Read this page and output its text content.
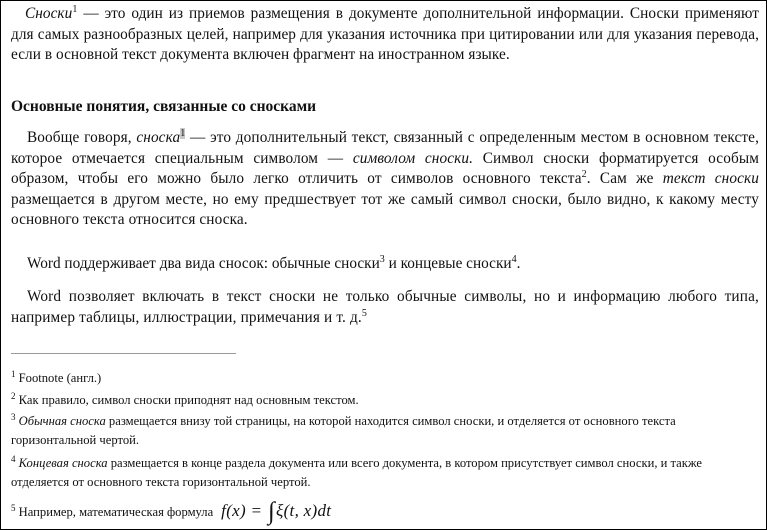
Сноски$^1$ — это один из приемов размещения в документе дополнительной информации. Сноски применяют для самых разнообразных целей, например для указания источника при цитировании или для указания перевода, если в основной текст документа включен фрагмент на иностранном языке.

Основные понятия, связанные со сносками

Вообще говоря, сноска$^1$ — это дополнительный текст, связанный с определенным местом в основном тексте, которое отмечается специальным символом — символом сноски. Символ сноски форматируется особым образом, чтобы его можно было легко отличить от символов основного текста$^2$. Сам же текст сноски размещается в другом месте, но ему предшествует тот же самый символ сноски, было видно, к какому месту основного текста относится сноска.

Word поддерживает два вида сносок: обычные сноски$^3$ и концевые сноски$^4$.

Word позволяет включать в текст сноски не только обычные символы, но и информацию любого типа, например таблицы, иллюстрации, примечания и т. д.$^5$

$^1$ Footnote (англ.)

$^2$ Как правило, символ сноски приподнят над основным текстом.

$^3$ Обычная сноска размещается внизу той страницы, на которой находится символ сноски, и отделяется от основного текста горизонтальной чертой.

$^4$ Концевая сноска размещается в конце раздела документа или всего документа, в котором присутствует символ сноски, и также отделяется от основного текста горизонтальной чертой.

$^5$ Например, математическая формула f(x) = ∫ξ(t, x)dt
